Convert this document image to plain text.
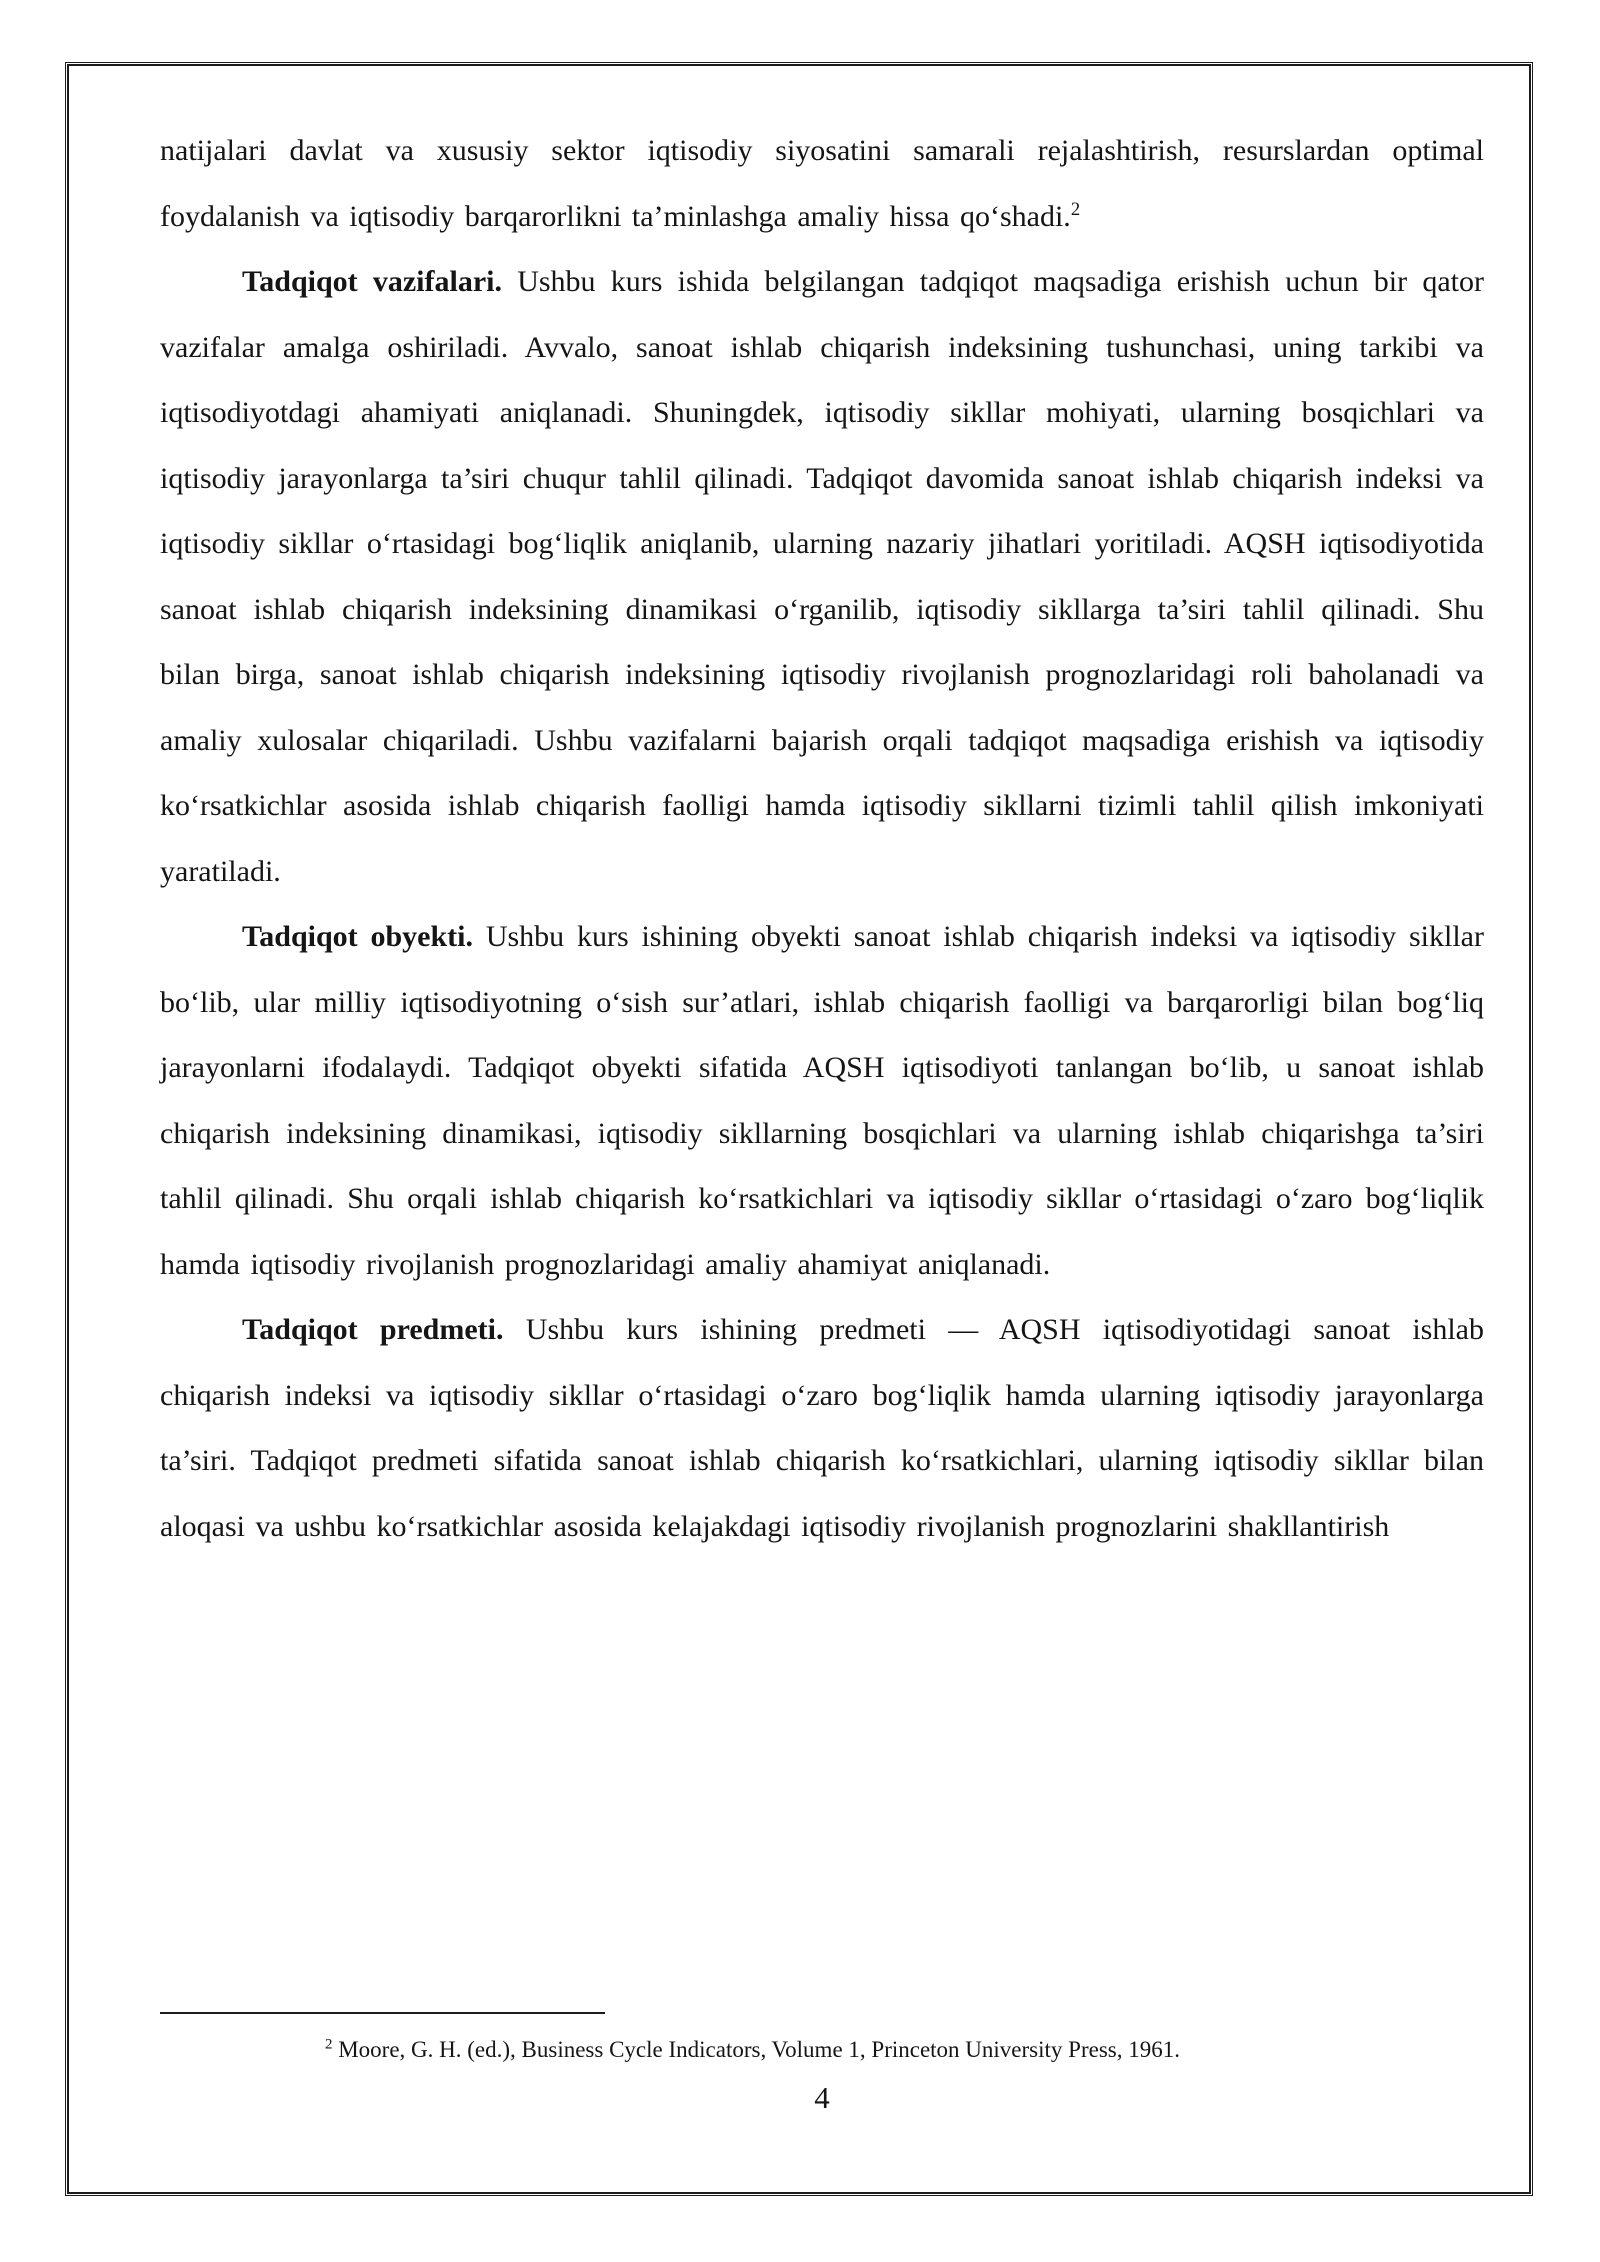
natijalari davlat va xususiy sektor iqtisodiy siyosatini samarali rejalashtirish, resurslardan optimal foydalanish va iqtisodiy barqarorlikni ta’minlashga amaliy hissa qo‘shadi.$^2$

Tadqiqot vazifalari. Ushbu kurs ishida belgilangan tadqiqot maqsadiga erishish uchun bir qator vazifalar amalga oshiriladi. Avvalo, sanoat ishlab chiqarish indeksining tushunchasi, uning tarkibi va iqtisodiyotdagi ahamiyati aniqlanadi. Shuningdek, iqtisodiy sikllar mohiyati, ularning bosqichlari va iqtisodiy jarayonlarga ta’siri chuqur tahlil qilinadi. Tadqiqot davomida sanoat ishlab chiqarish indeksi va iqtisodiy sikllar o‘rtasidagi bog‘liqlik aniqlanib, ularning nazariy jihatlari yoritiladi. AQSH iqtisodiyotida sanoat ishlab chiqarish indeksining dinamikasi o‘rganilib, iqtisodiy sikllarga ta’siri tahlil qilinadi. Shu bilan birga, sanoat ishlab chiqarish indeksining iqtisodiy rivojlanish prognozlaridagi roli baholanadi va amaliy xulosalar chiqariladi. Ushbu vazifalarni bajarish orqali tadqiqot maqsadiga erishish va iqtisodiy ko‘rsatkichlar asosida ishlab chiqarish faolligi hamda iqtisodiy sikllarni tizimli tahlil qilish imkoniyati yaratiladi.

Tadqiqot obyekti. Ushbu kurs ishining obyekti sanoat ishlab chiqarish indeksi va iqtisodiy sikllar bo‘lib, ular milliy iqtisodiyotning o‘sish sur’atlari, ishlab chiqarish faolligi va barqarorligi bilan bog‘liq jarayonlarni ifodalaydi. Tadqiqot obyekti sifatida AQSH iqtisodiyoti tanlangan bo‘lib, u sanoat ishlab chiqarish indeksining dinamikasi, iqtisodiy sikllarning bosqichlari va ularning ishlab chiqarishga ta’siri tahlil qilinadi. Shu orqali ishlab chiqarish ko‘rsatkichlari va iqtisodiy sikllar o‘rtasidagi o‘zaro bog‘liqlik hamda iqtisodiy rivojlanish prognozlaridagi amaliy ahamiyat aniqlanadi.

Tadqiqot predmeti. Ushbu kurs ishining predmeti — AQSH iqtisodiyotidagi sanoat ishlab chiqarish indeksi va iqtisodiy sikllar o‘rtasidagi o‘zaro bog‘liqlik hamda ularning iqtisodiy jarayonlarga ta’siri. Tadqiqot predmeti sifatida sanoat ishlab chiqarish ko‘rsatkichlari, ularning iqtisodiy sikllar bilan aloqasi va ushbu ko‘rsatkichlar asosida kelajakdagi iqtisodiy rivojlanish prognozlarini shakllantirish

$^2$ Moore, G. H. (ed.), Business Cycle Indicators, Volume 1, Princeton University Press, 1961.

4
